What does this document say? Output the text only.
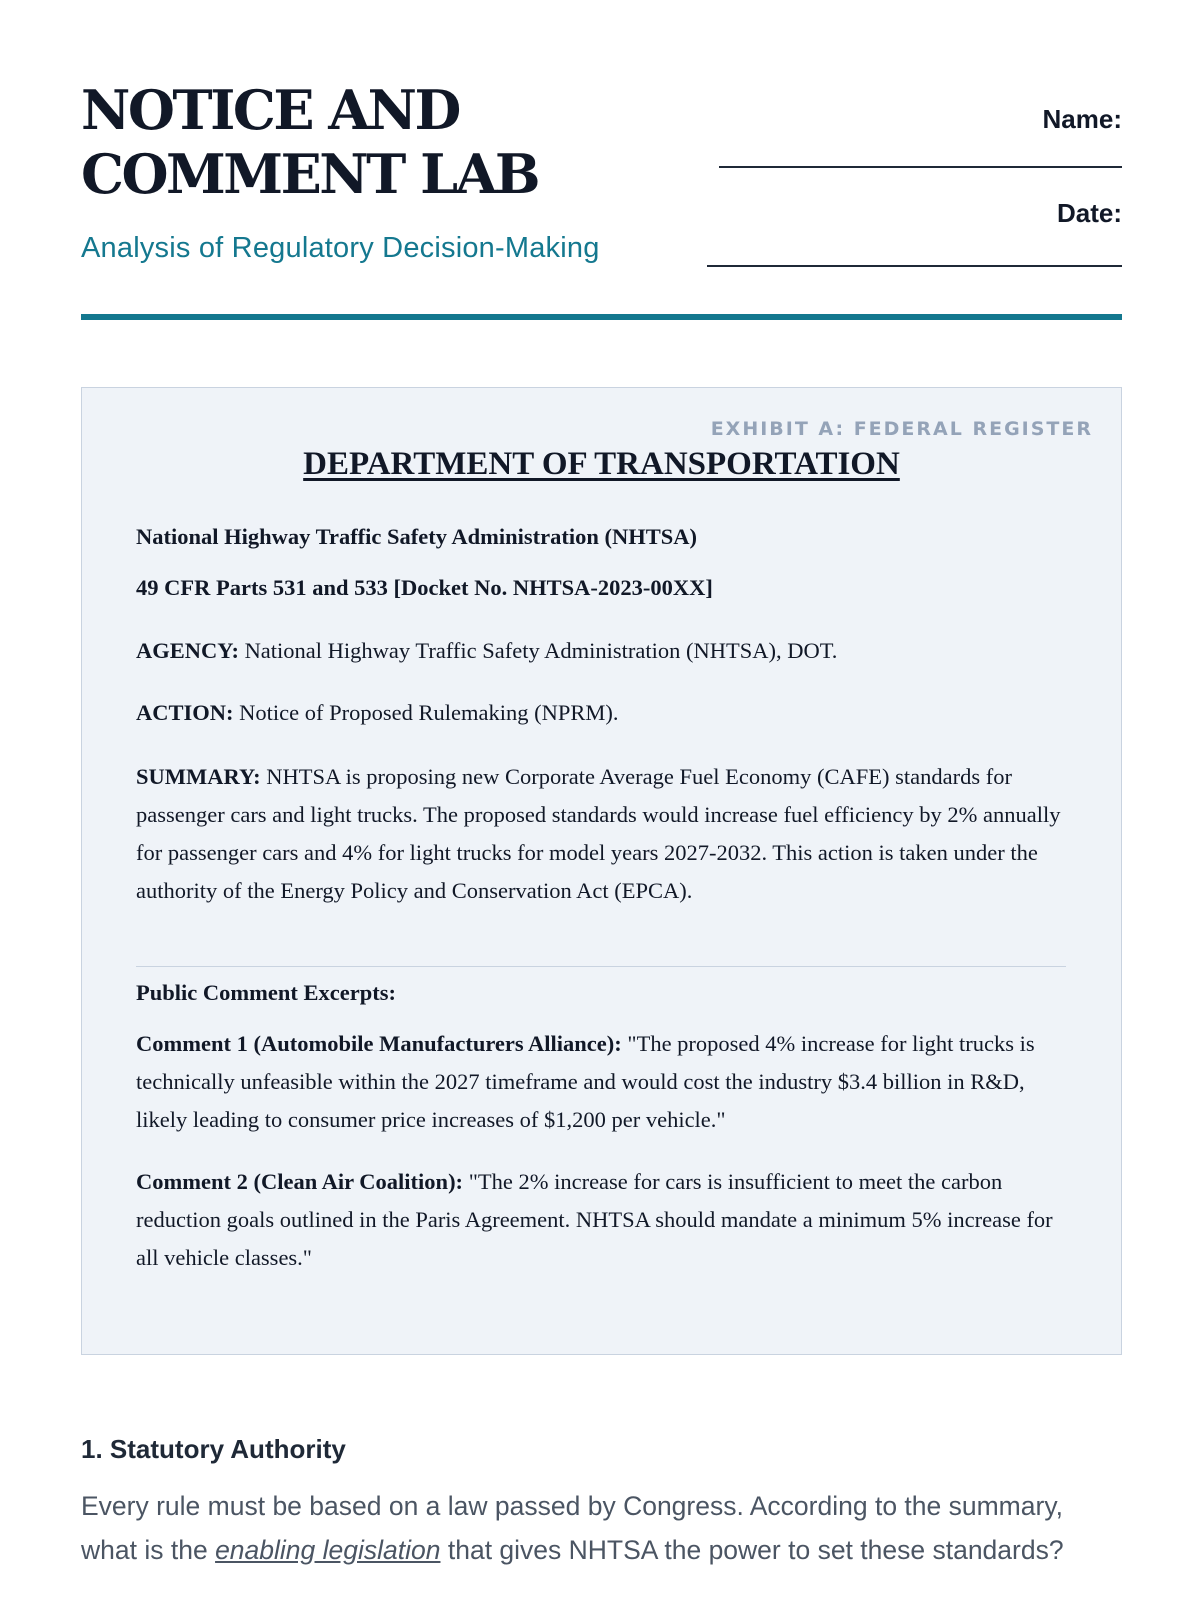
NOTICE AND
COMMENT LAB
Analysis of Regulatory Decision-Making
Name:
Date:
EXHIBIT A: FEDERAL REGISTER
DEPARTMENT OF TRANSPORTATION

National Highway Traffic Safety Administration (NHTSA)

49 CFR Parts 531 and 533 [Docket No. NHTSA-2023-00XX]

AGENCY: National Highway Traffic Safety Administration (NHTSA), DOT.

ACTION: Notice of Proposed Rulemaking (NPRM).

SUMMARY: NHTSA is proposing new Corporate Average Fuel Economy (CAFE) standards for passenger cars and light trucks. The proposed standards would increase fuel efficiency by 2% annually for passenger cars and 4% for light trucks for model years 2027-2032. This action is taken under the authority of the Energy Policy and Conservation Act (EPCA).

Public Comment Excerpts:

Comment 1 (Automobile Manufacturers Alliance): "The proposed 4% increase for light trucks is technically unfeasible within the 2027 timeframe and would cost the industry $3.4 billion in R&D, likely leading to consumer price increases of $1,200 per vehicle."

Comment 2 (Clean Air Coalition): "The 2% increase for cars is insufficient to meet the carbon reduction goals outlined in the Paris Agreement. NHTSA should mandate a minimum 5% increase for all vehicle classes."

1. Statutory Authority
Every rule must be based on a law passed by Congress. According to the summary, what is the enabling legislation that gives NHTSA the power to set these standards?
